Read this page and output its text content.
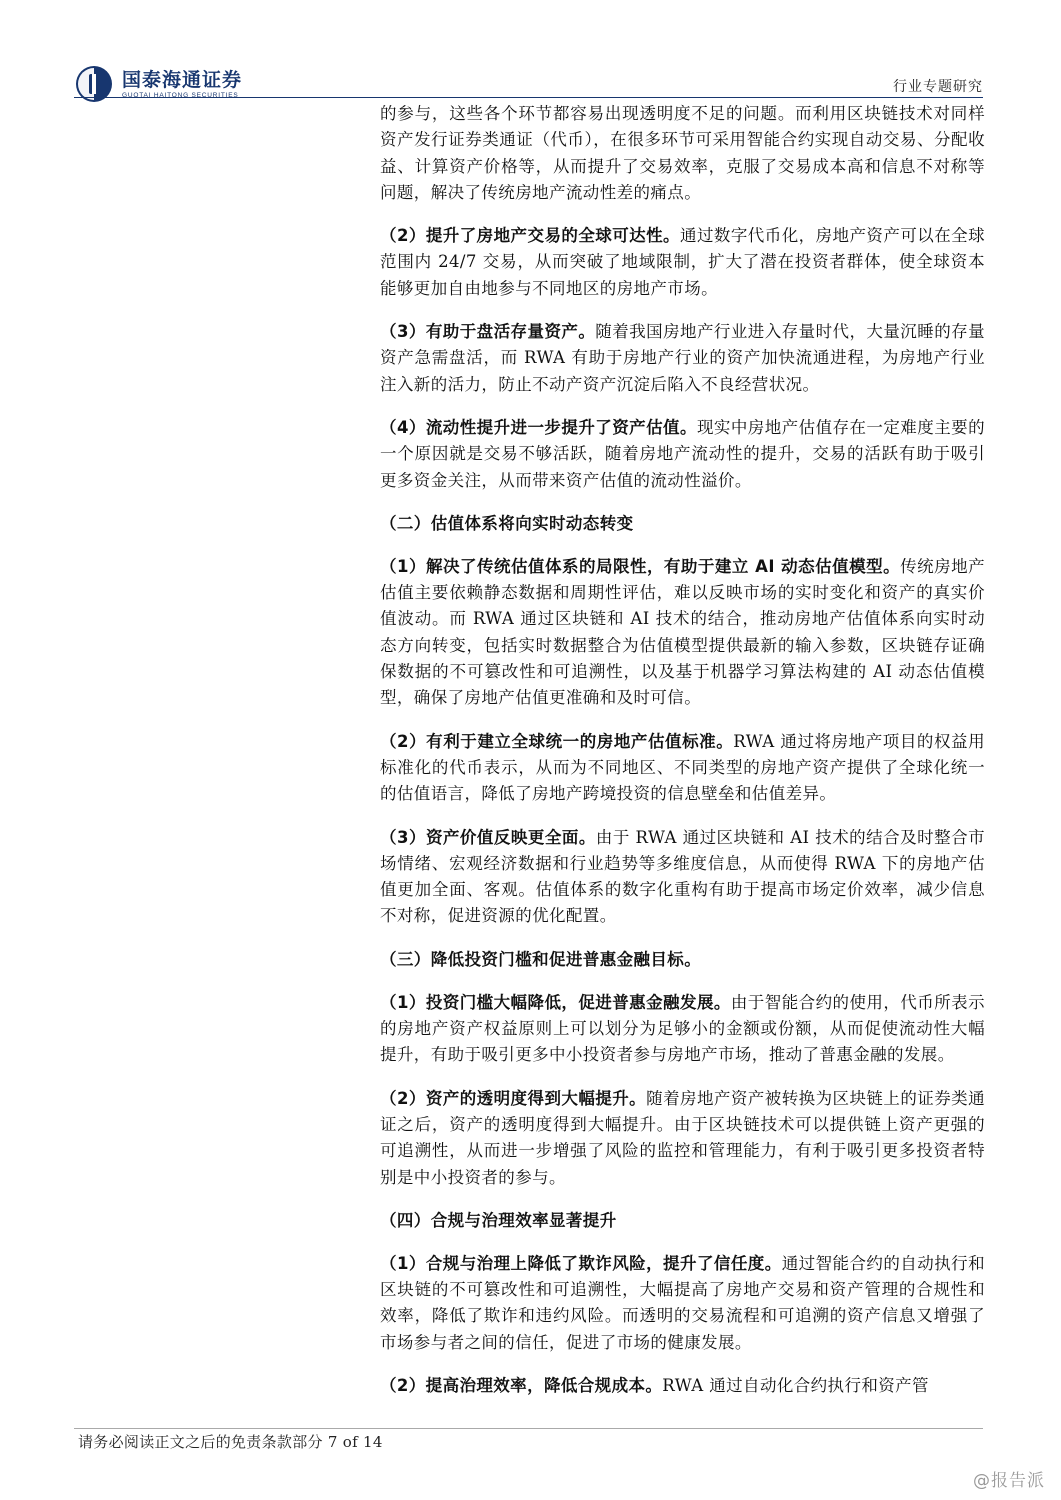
国泰海通证券
GUOTAI HAITONG SECURITIES	行业专题研究

的参与，这些各个环节都容易出现透明度不足的问题。而利用区块链技术对同样资产发行证券类通证（代币），在很多环节可采用智能合约实现自动交易、分配收益、计算资产价格等，从而提升了交易效率，克服了交易成本高和信息不对称等问题，解决了传统房地产流动性差的痛点。

（2）提升了房地产交易的全球可达性。通过数字代币化，房地产资产可以在全球范围内 24/7 交易，从而突破了地域限制，扩大了潜在投资者群体，使全球资本能够更加自由地参与不同地区的房地产市场。

（3）有助于盘活存量资产。随着我国房地产行业进入存量时代，大量沉睡的存量资产急需盘活，而 RWA 有助于房地产行业的资产加快流通进程，为房地产行业注入新的活力，防止不动产资产沉淀后陷入不良经营状况。

（4）流动性提升进一步提升了资产估值。现实中房地产估值存在一定难度主要的一个原因就是交易不够活跃，随着房地产流动性的提升，交易的活跃有助于吸引更多资金关注，从而带来资产估值的流动性溢价。

（二）估值体系将向实时动态转变

（1）解决了传统估值体系的局限性，有助于建立 AI 动态估值模型。传统房地产估值主要依赖静态数据和周期性评估，难以反映市场的实时变化和资产的真实价值波动。而 RWA 通过区块链和 AI 技术的结合，推动房地产估值体系向实时动态方向转变，包括实时数据整合为估值模型提供最新的输入参数，区块链存证确保数据的不可篡改性和可追溯性，以及基于机器学习算法构建的 AI 动态估值模型，确保了房地产估值更准确和及时可信。

（2）有利于建立全球统一的房地产估值标准。RWA 通过将房地产项目的权益用标准化的代币表示，从而为不同地区、不同类型的房地产资产提供了全球化统一的估值语言，降低了房地产跨境投资的信息壁垒和估值差异。

（3）资产价值反映更全面。由于 RWA 通过区块链和 AI 技术的结合及时整合市场情绪、宏观经济数据和行业趋势等多维度信息，从而使得 RWA 下的房地产估值更加全面、客观。估值体系的数字化重构有助于提高市场定价效率，减少信息不对称，促进资源的优化配置。

（三）降低投资门槛和促进普惠金融目标。

（1）投资门槛大幅降低，促进普惠金融发展。由于智能合约的使用，代币所表示的房地产资产权益原则上可以划分为足够小的金额或份额，从而促使流动性大幅提升，有助于吸引更多中小投资者参与房地产市场，推动了普惠金融的发展。

（2）资产的透明度得到大幅提升。随着房地产资产被转换为区块链上的证券类通证之后，资产的透明度得到大幅提升。由于区块链技术可以提供链上资产更强的可追溯性，从而进一步增强了风险的监控和管理能力，有利于吸引更多投资者特别是中小投资者的参与。

（四）合规与治理效率显著提升

（1）合规与治理上降低了欺诈风险，提升了信任度。通过智能合约的自动执行和区块链的不可篡改性和可追溯性，大幅提高了房地产交易和资产管理的合规性和效率，降低了欺诈和违约风险。而透明的交易流程和可追溯的资产信息又增强了市场参与者之间的信任，促进了市场的健康发展。

（2）提高治理效率，降低合规成本。RWA 通过自动化合约执行和资产管

请务必阅读正文之后的免责条款部分 7 of 14
@报告派
